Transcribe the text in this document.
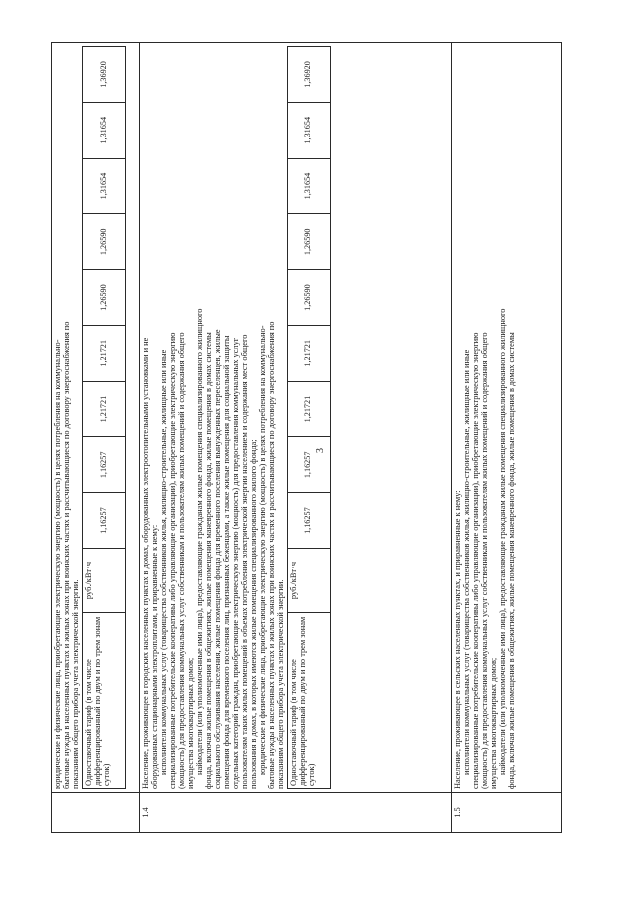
3

юридические и физические лица, приобретающие электрическую энергию (мощность) в целях потребления на коммунально- бытовые нужды в населенных пунктах и жилых зонах при воинских частях и рассчитывающиеся по договору энергоснабжения по показаниям общего прибора учета электрической энергии. Одноставочный тариф (в том числе дифференцированный по двум и по трем зонам суток)	руб./кВт·ч	1,16257	1,16257	1,21721	1,21721	1,26590	1,26590	1,31654	1,31654	1,36920

1.4	

Население, проживающее в городских населенных пунктах в домах, оборудованных электроотопительными установками и не оборудованных стационарными электроплитами, и приравненные к нему: исполнители коммунальных услуг (товарищества собственников жилья, жилищно-строительные, жилищные или иные специализированные потребительские кооперативы либо управляющие организации), приобретающие электрическую энергию (мощность) для предоставления коммунальных услуг собственникам и пользователям жилых помещений и содержания общего имущества многоквартирных домов; наймодатели (или уполномоченные ими лица), предоставляющие гражданам жилые помещения специализированного жилищного фонда, включая жилые помещения в общежитиях, жилые помещения маневренного фонда, жилые помещения в домах системы социального обслуживания населения, жилые помещения фонда для временного поселения вынужденных переселенцев, жилые помещения фонда для временного поселения лиц, признанных беженцами, а также жилые помещения для социальной защиты отдельных категорий граждан, приобретающие электрическую энергию (мощность) для предоставления коммунальных услуг пользователям таких жилых помещений в объемах потребления электрической энергии населением и содержания мест общего пользования в домах, в которых имеются жилые помещения специализированного жилого фонда; юридические и физические лица, приобретающие электрическую энергию (мощность) в целях потребления на коммунально- бытовые нужды в населенных пунктах и жилых зонах при воинских частях и рассчитывающиеся по договору энергоснабжения по показаниям общего прибора учета электрической энергии. Одноставочный тариф (в том числе дифференцированный по двум и по трем зонам суток)	руб./кВт·ч	1,16257	1,16257	1,21721	1,21721	1,26590	1,26590	1,31654	1,31654	1,36920

1.5	

Население, проживающее в сельских населенных пунктах, и приравненные к нему: исполнители коммунальных услуг (товарищества собственников жилья, жилищно-строительные, жилищные или иные специализированные потребительские кооперативы либо управляющие организации), приобретающие электрическую энергию (мощность) для предоставления коммунальных услуг собственникам и пользователям жилых помещений и содержания общего имущества многоквартирных домов; наймодатели (или уполномоченные ими лица), предоставляющие гражданам жилые помещения специализированного жилищного фонда, включая жилые помещения в общежитиях, жилые помещения маневренного фонда, жилые помещения в домах системы
